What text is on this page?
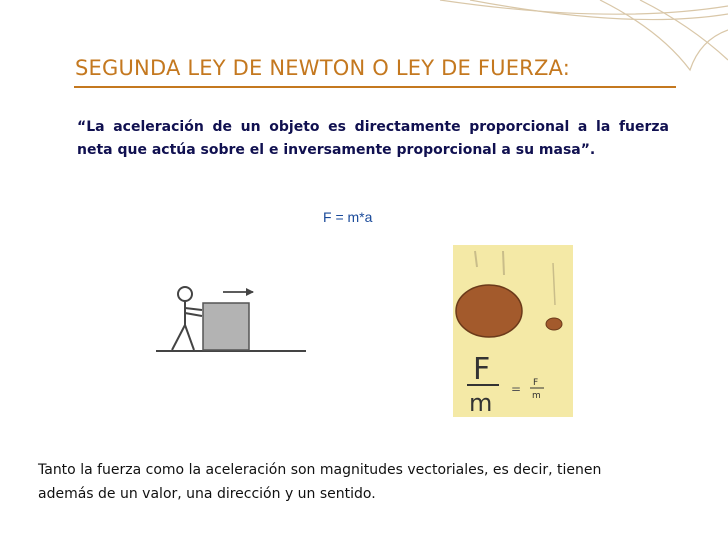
SEGUNDA LEY DE NEWTON O LEY DE FUERZA:

“La aceleración de un objeto es directamente proporcional a la fuerza neta que actúa sobre el e inversamente proporcional a su masa”.

F = m*a
F
m = F
m

Tanto la fuerza como la aceleración son magnitudes vectoriales, es decir, tienen

además de un valor, una dirección y un sentido.
